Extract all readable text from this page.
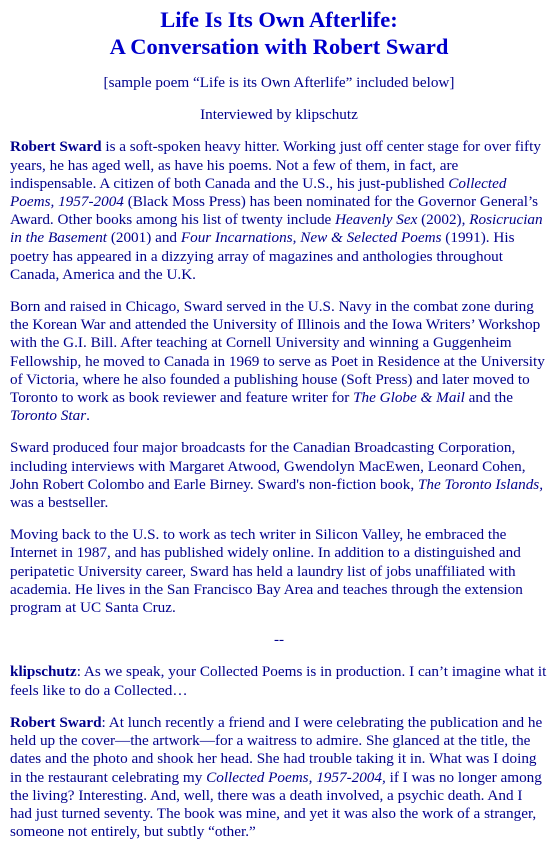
Life Is Its Own Afterlife:
A Conversation with Robert Sward

[sample poem “Life is its Own Afterlife” included below]

Interviewed by klipschutz

Robert Sward is a soft-spoken heavy hitter. Working just off center stage for over fifty years, he has aged well, as have his poems. Not a few of them, in fact, are indispensable. A citizen of both Canada and the U.S., his just-published Collected Poems, 1957-2004 (Black Moss Press) has been nominated for the Governor General’s Award. Other books among his list of twenty include Heavenly Sex (2002), Rosicrucian in the Basement (2001) and Four Incarnations, New & Selected Poems (1991). His poetry has appeared in a dizzying array of magazines and anthologies throughout Canada, America and the U.K.

Born and raised in Chicago, Sward served in the U.S. Navy in the combat zone during the Korean War and attended the University of Illinois and the Iowa Writers’ Workshop with the G.I. Bill. After teaching at Cornell University and winning a Guggenheim Fellowship, he moved to Canada in 1969 to serve as Poet in Residence at the University of Victoria, where he also founded a publishing house (Soft Press) and later moved to Toronto to work as book reviewer and feature writer for The Globe & Mail and the Toronto Star.

Sward produced four major broadcasts for the Canadian Broadcasting Corporation, including interviews with Margaret Atwood, Gwendolyn MacEwen, Leonard Cohen, John Robert Colombo and Earle Birney. Sward's non-fiction book, The Toronto Islands, was a bestseller.

Moving back to the U.S. to work as tech writer in Silicon Valley, he embraced the Internet in 1987, and has published widely online. In addition to a distinguished and peripatetic University career, Sward has held a laundry list of jobs unaffiliated with academia. He lives in the San Francisco Bay Area and teaches through the extension program at UC Santa Cruz.

--

klipschutz: As we speak, your Collected Poems is in production. I can’t imagine what it feels like to do a Collected…

Robert Sward: At lunch recently a friend and I were celebrating the publication and he held up the cover—the artwork—for a waitress to admire. She glanced at the title, the dates and the photo and shook her head. She had trouble taking it in. What was I doing in the restaurant celebrating my Collected Poems, 1957-2004, if I was no longer among the living? Interesting. And, well, there was a death involved, a psychic death. And I had just turned seventy. The book was mine, and yet it was also the work of a stranger, someone not entirely, but subtly “other.”
